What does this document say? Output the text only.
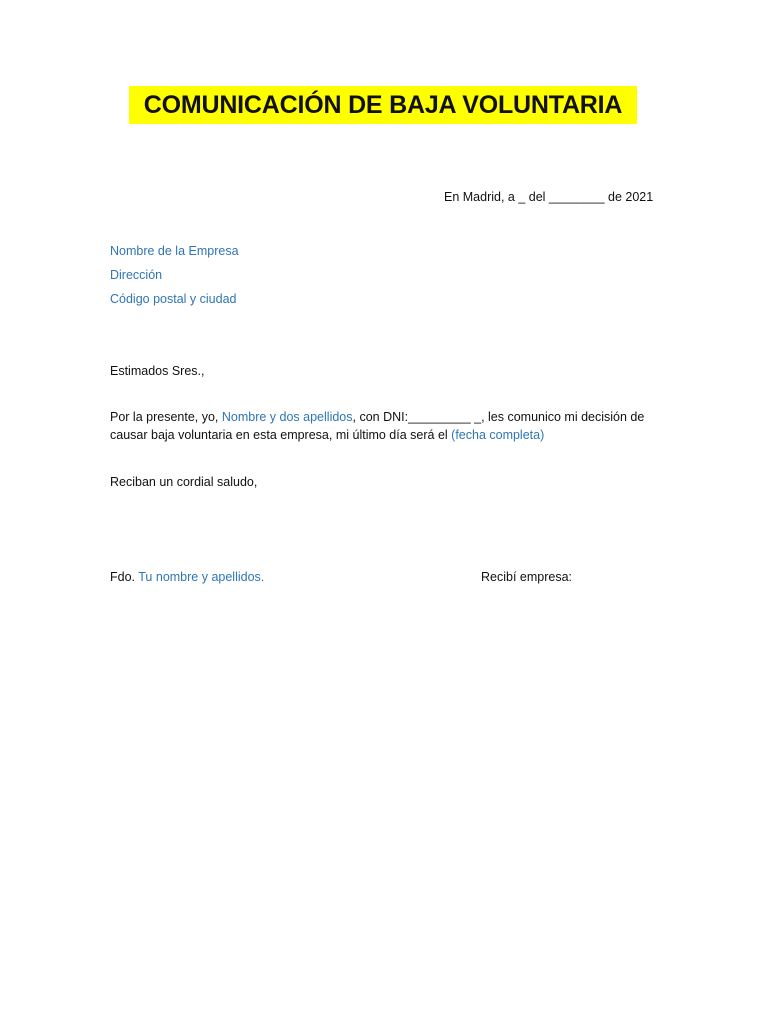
COMUNICACIÓN DE BAJA VOLUNTARIA
En Madrid, a _ del ________ de 2021
Nombre de la Empresa
Dirección
Código postal y ciudad
Estimados Sres.,
Por la presente, yo, Nombre y dos apellidos, con DNI:_________ _, les comunico mi decisión de
causar baja voluntaria en esta empresa, mi último día será el (fecha completa)
Reciban un cordial saludo,
Fdo. Tu nombre y apellidos.	Recibí empresa:
